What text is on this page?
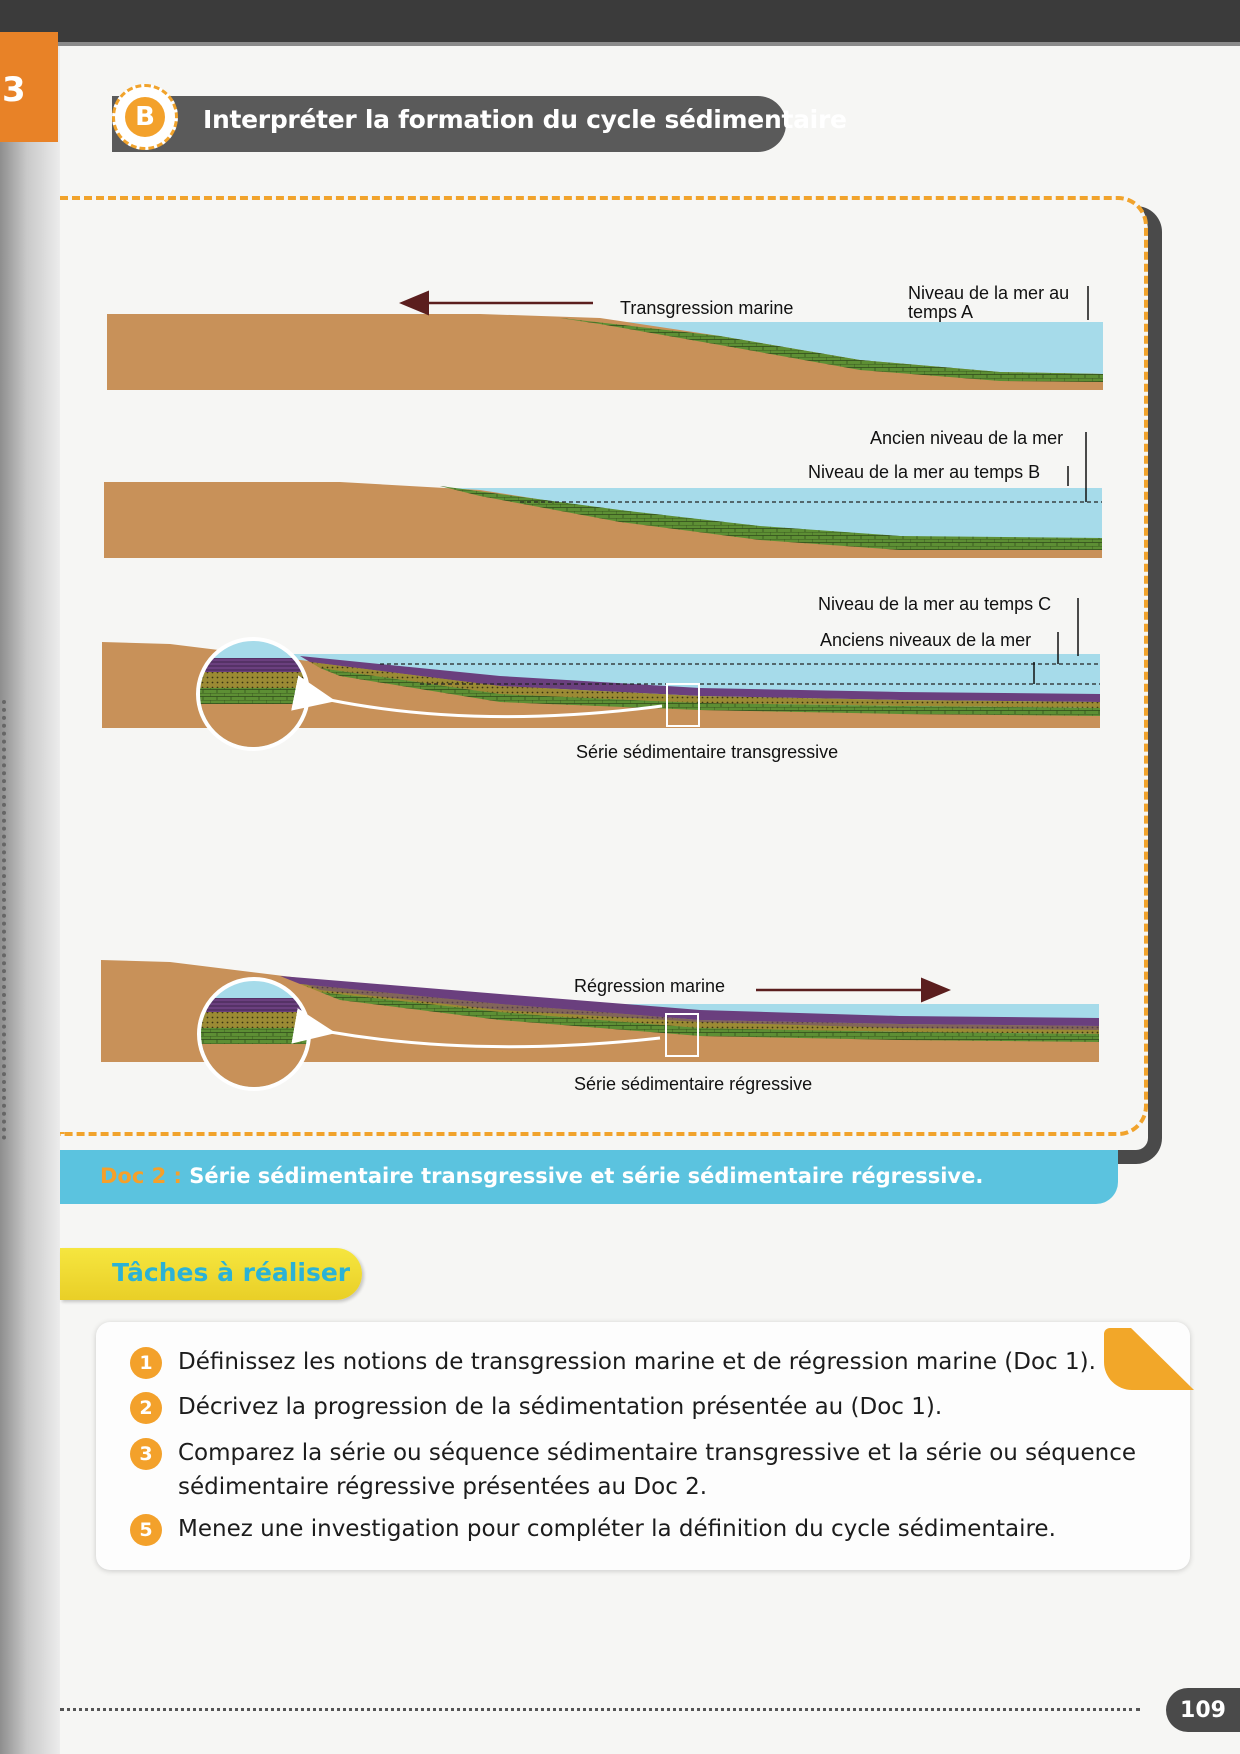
3
B	Interpréter la formation du cycle sédimentaire
Transgression marine
Niveau de la mer au
temps A
Ancien niveau de la mer
Niveau de la mer au temps B
Niveau de la mer au temps C
Anciens niveaux de la mer
Série sédimentaire transgressive
Régression marine
Série sédimentaire régressive
Doc 2 : Série sédimentaire transgressive et série sédimentaire régressive.
Tâches à réaliser
1	Définissez les notions de transgression marine et de régression marine (Doc 1).
2	Décrivez la progression de la sédimentation présentée au (Doc 1).
3	Comparez la série ou séquence sédimentaire transgressive et la série ou séquence sédimentaire régressive présentées au Doc 2.
5	Menez une investigation pour compléter la définition du cycle sédimentaire.
109
